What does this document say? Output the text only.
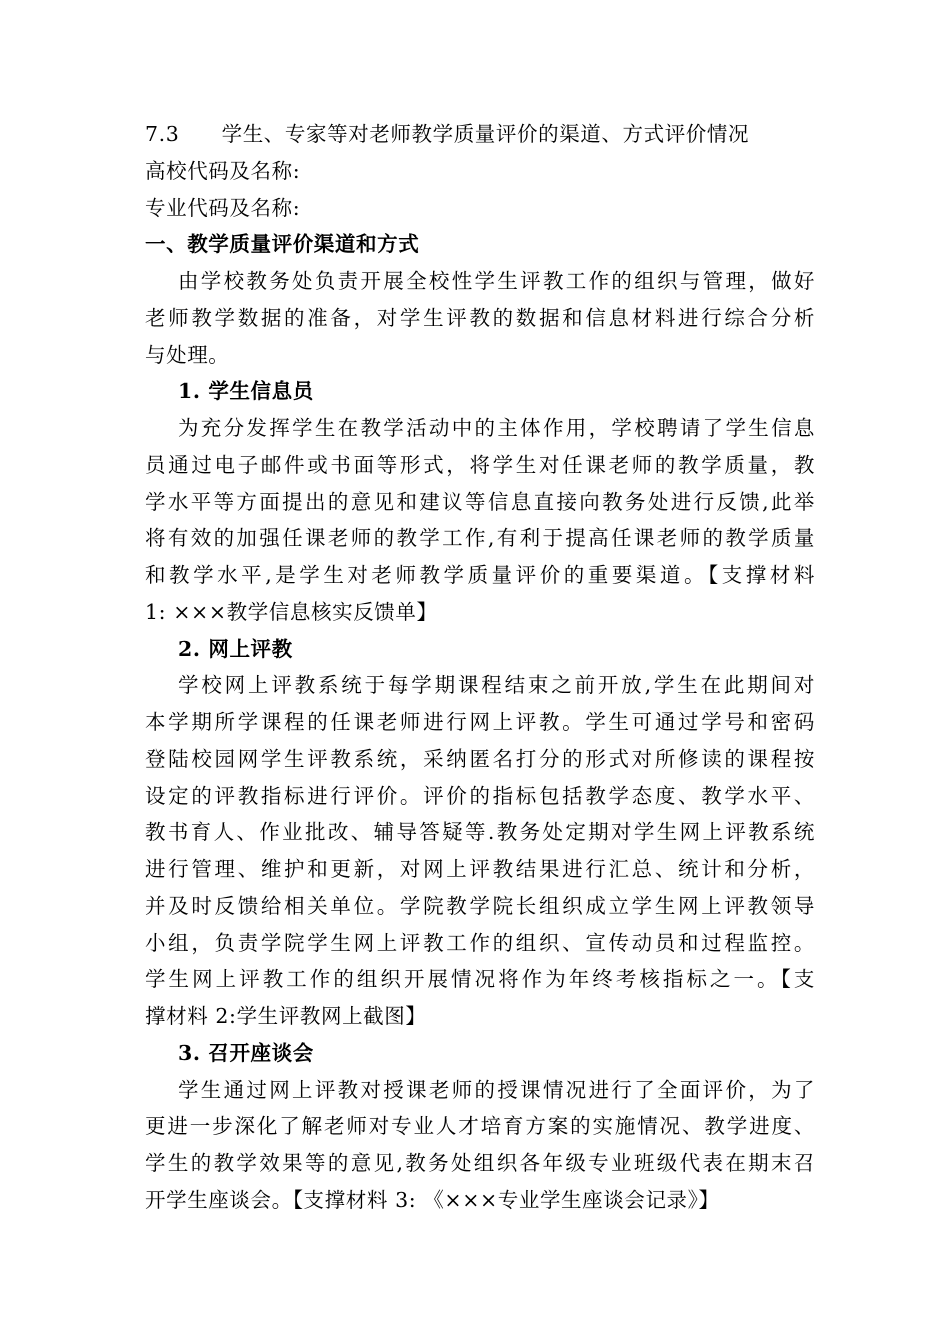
7.3　　学生、专家等对老师教学质量评价的渠道、方式评价情况
高校代码及名称:
专业代码及名称:
一、教学质量评价渠道和方式
由学校教务处负责开展全校性学生评教工作的组织与管理，做好
老师教学数据的准备，对学生评教的数据和信息材料进行综合分析
与处理。
1. 学生信息员
为充分发挥学生在教学活动中的主体作用，学校聘请了学生信息
员通过电子邮件或书面等形式，将学生对任课老师的教学质量，教
学水平等方面提出的意见和建议等信息直接向教务处进行反馈,此举
将有效的加强任课老师的教学工作,有利于提高任课老师的教学质量
和教学水平,是学生对老师教学质量评价的重要渠道。【支撑材料
1: ×××教学信息核实反馈单】
2. 网上评教
学校网上评教系统于每学期课程结束之前开放,学生在此期间对
本学期所学课程的任课老师进行网上评教。学生可通过学号和密码
登陆校园网学生评教系统，采纳匿名打分的形式对所修读的课程按
设定的评教指标进行评价。评价的指标包括教学态度、教学水平、
教书育人、作业批改、辅导答疑等.教务处定期对学生网上评教系统
进行管理、维护和更新，对网上评教结果进行汇总、统计和分析，
并及时反馈给相关单位。学院教学院长组织成立学生网上评教领导
小组，负责学院学生网上评教工作的组织、宣传动员和过程监控。
学生网上评教工作的组织开展情况将作为年终考核指标之一。【支
撑材料 2:学生评教网上截图】
3. 召开座谈会
学生通过网上评教对授课老师的授课情况进行了全面评价，为了
更进一步深化了解老师对专业人才培育方案的实施情况、教学进度、
学生的教学效果等的意见,教务处组织各年级专业班级代表在期末召
开学生座谈会。【支撑材料 3: 《×××专业学生座谈会记录》】
